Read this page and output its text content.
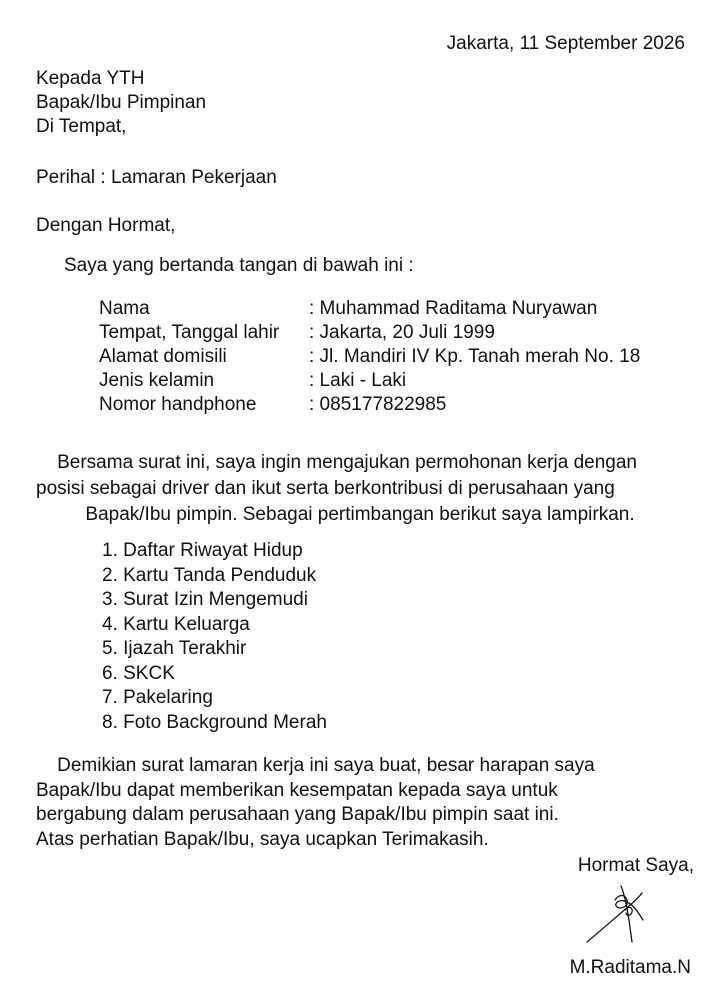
Jakarta, 11 September 2026
Kepada YTH
Bapak/Ibu Pimpinan
Di Tempat,
Perihal : Lamaran Pekerjaan
Dengan Hormat,
Saya yang bertanda tangan di bawah ini :
Nama	: Muhammad Raditama Nuryawan
Tempat, Tanggal lahir	: Jakarta, 20 Juli 1999
Alamat domisili	: Jl. Mandiri IV Kp. Tanah merah No. 18
Jenis kelamin	: Laki - Laki
Nomor handphone	: 085177822985
Bersama surat ini, saya ingin mengajukan permohonan kerja dengan
posisi sebagai driver dan ikut serta berkontribusi di perusahaan yang
Bapak/Ibu pimpin. Sebagai pertimbangan berikut saya lampirkan.
1. Daftar Riwayat Hidup
2. Kartu Tanda Penduduk
3. Surat Izin Mengemudi
4. Kartu Keluarga
5. Ijazah Terakhir
6. SKCK
7. Pakelaring
8. Foto Background Merah
Demikian surat lamaran kerja ini saya buat, besar harapan saya
Bapak/Ibu dapat memberikan kesempatan kepada saya untuk
bergabung dalam perusahaan yang Bapak/Ibu pimpin saat ini.
Atas perhatian Bapak/Ibu, saya ucapkan Terimakasih.
Hormat Saya,
M.Raditama.N
